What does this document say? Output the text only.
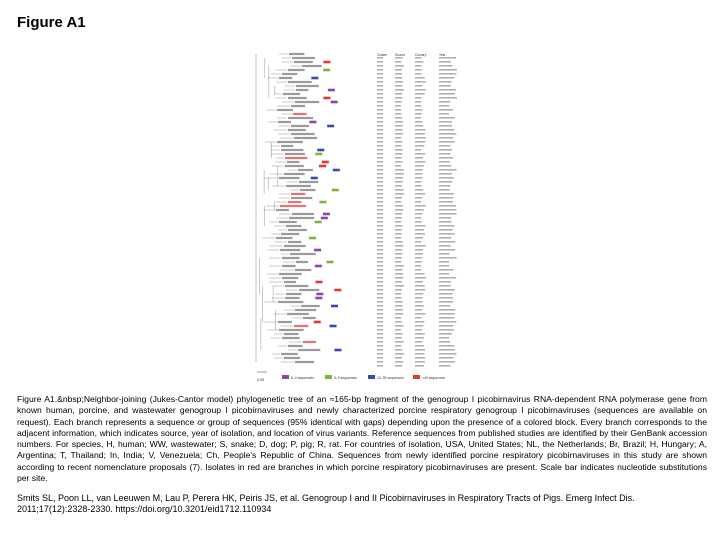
Figure A1
Cluster Source	Country	Year
0.05	5–4 sequences	5–9 sequences	10–39 sequences	>40 sequences
Figure A1.&nbsp;Neighbor-joining (Jukes-Cantor model) phylogenetic tree of an ≈165-bp fragment of the genogroup I picobirnavirus RNA-dependent RNA polymerase gene from known human, porcine, and wastewater genogroup I picobirnaviruses and newly characterized porcine respiratory genogroup I picobirnaviruses (sequences are available on request). Each branch represents a sequence or group of sequences (95% identical with gaps) depending upon the presence of a colored block. Every branch corresponds to the adjacent information, which indicates source, year of isolation, and location of virus variants. Reference sequences from published studies are identified by their GenBank accession numbers. For species, H, human; WW, wastewater; S, snake; D, dog; P, pig; R, rat. For countries of isolation, USA, United States; NL, the Netherlands; Br, Brazil; H, Hungary; A, Argentina; T, Thailand; In, India; V, Venezuela; Ch, People's Republic of China. Sequences from newly identified porcine respiratory picobirnaviruses in this study are shown according to recent nomenclature proposals (7). Isolates in red are branches in which porcine respiratory picobirnaviruses are present. Scale bar indicates nucleotide substitutions per site.
Smits SL, Poon LL, van Leeuwen M, Lau P, Perera HK, Peiris JS, et al. Genogroup I and II Picobirnaviruses in Respiratory Tracts of Pigs. Emerg Infect Dis. 2011;17(12):2328-2330. https://doi.org/10.3201/eid1712.110934
